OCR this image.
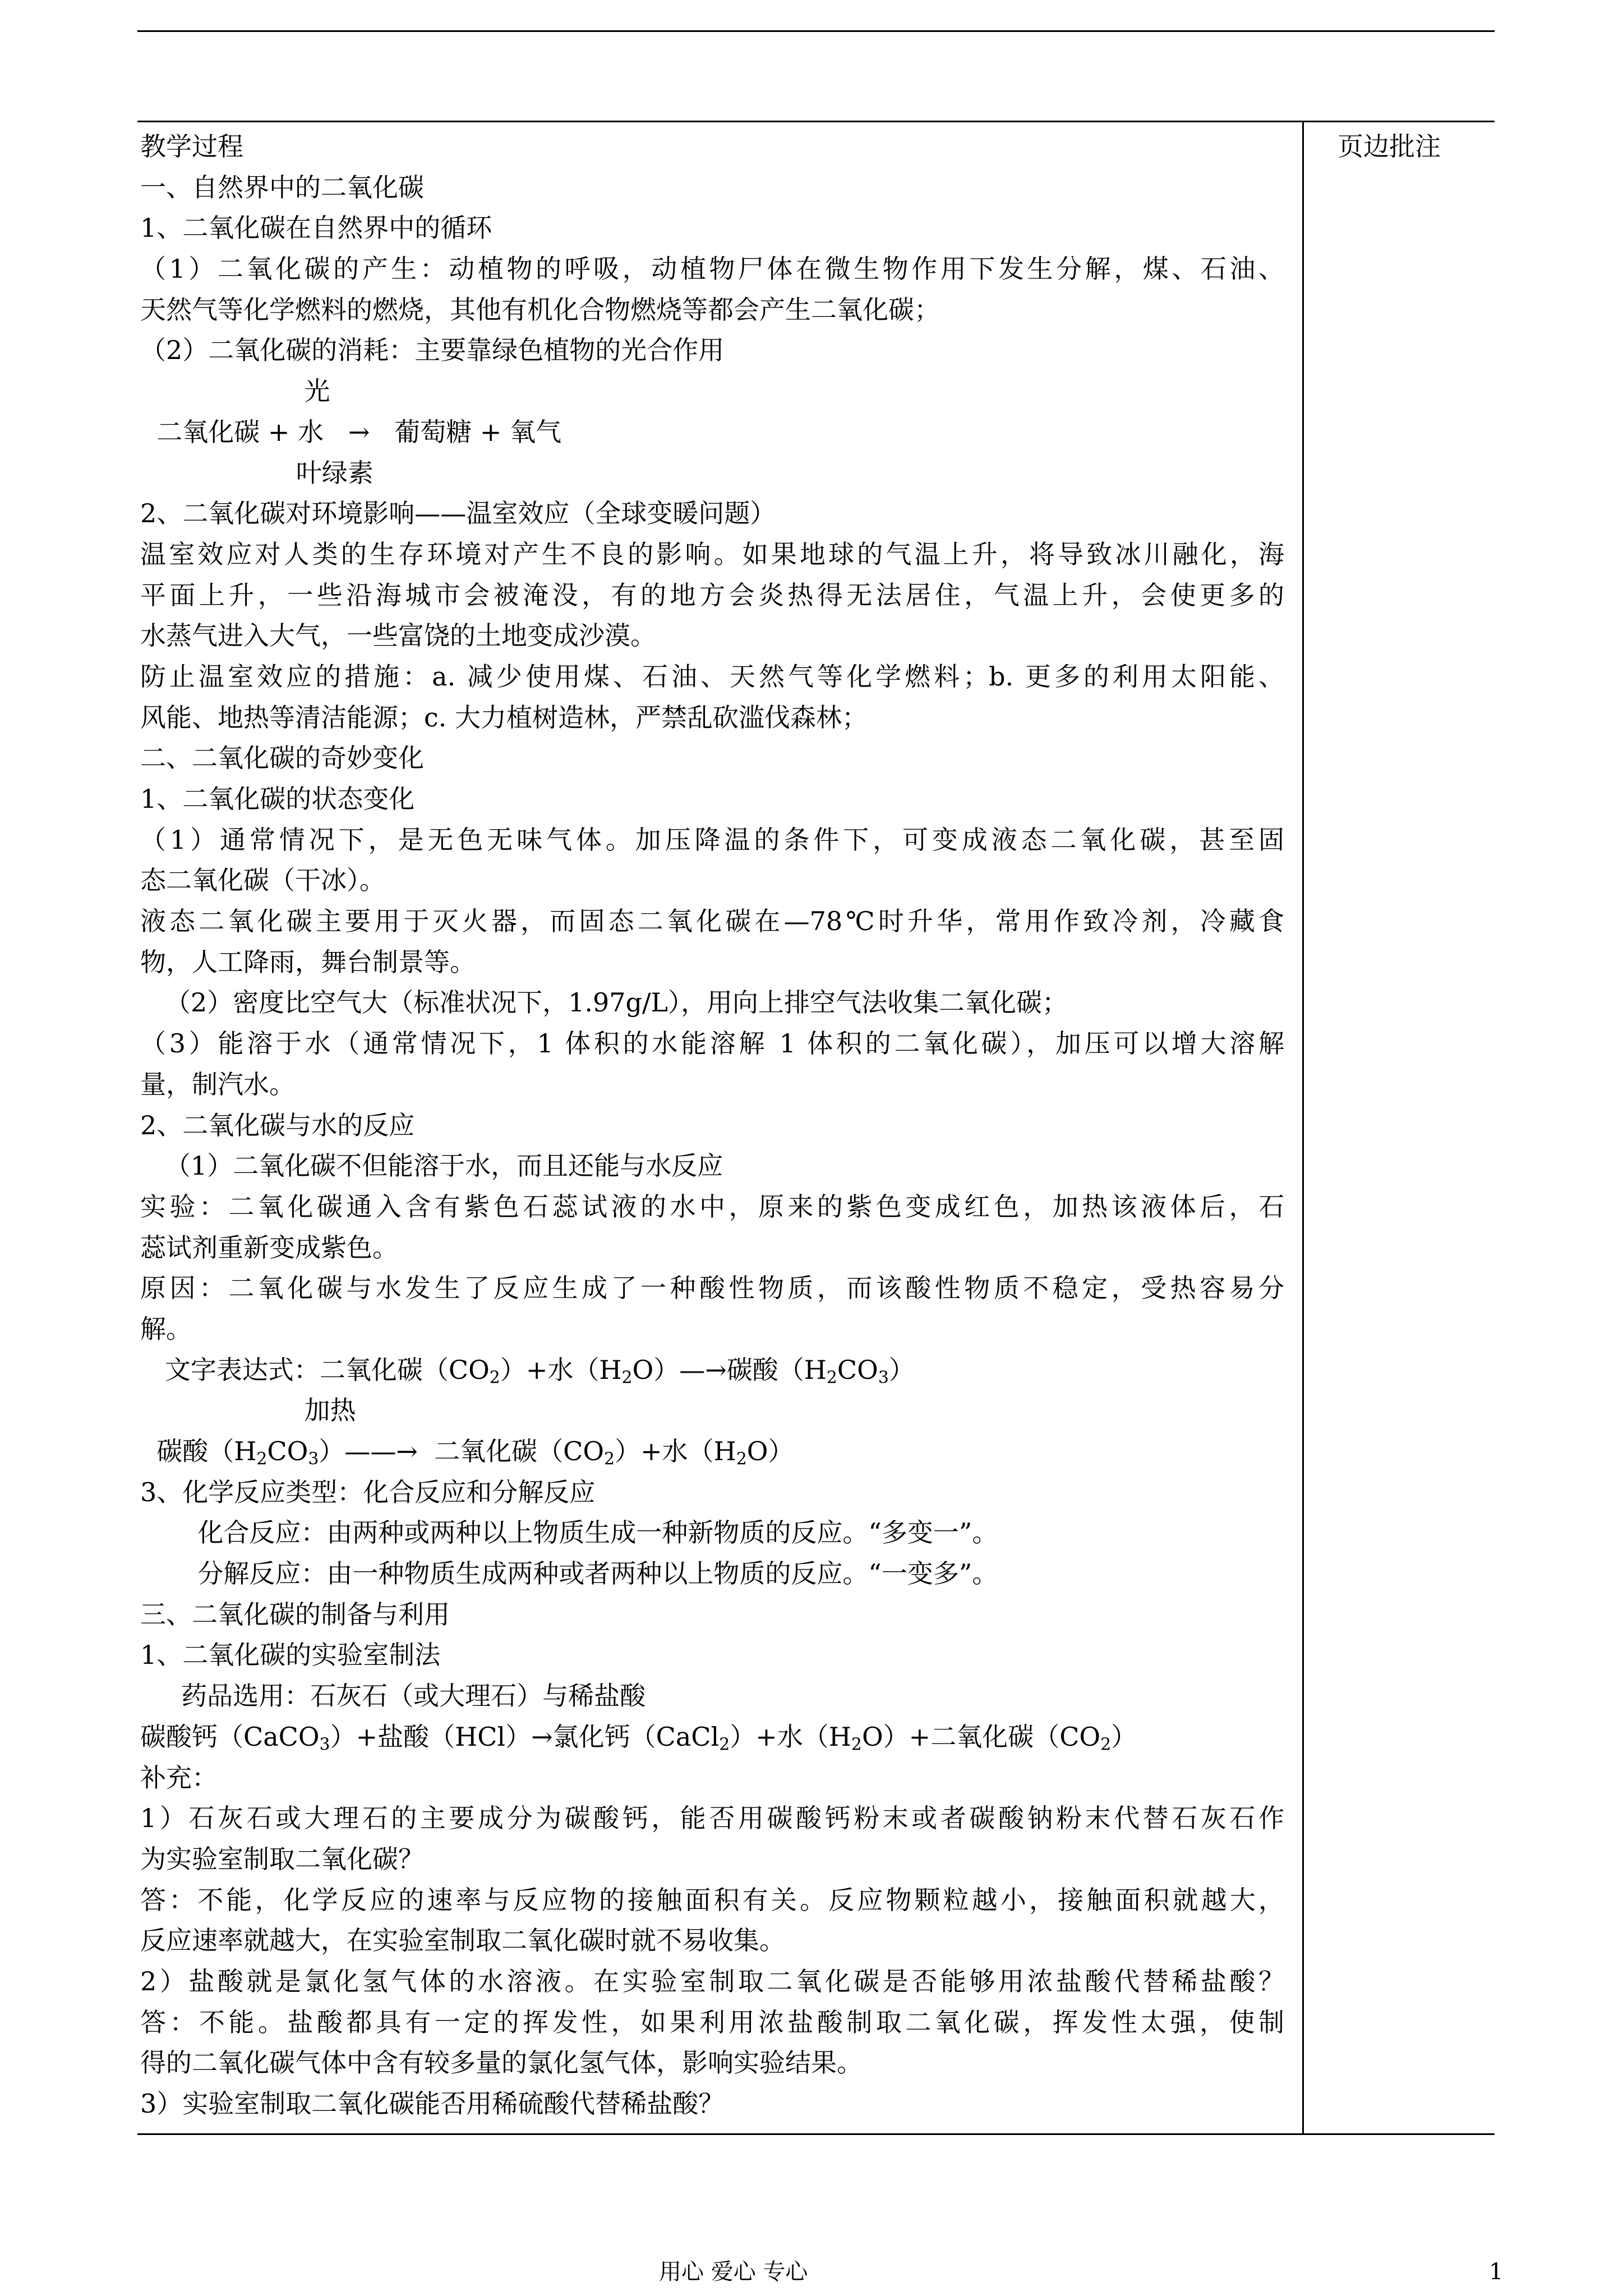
教学过程
一、自然界中的二氧化碳
1、二氧化碳在自然界中的循环
（1）二氧化碳的产生：动植物的呼吸，动植物尸体在微生物作用下发生分解，煤、石油、
天然气等化学燃料的燃烧，其他有机化合物燃烧等都会产生二氧化碳；
（2）二氧化碳的消耗：主要靠绿色植物的光合作用
光
二氧化碳 + 水   →   葡萄糖 + 氧气
叶绿素
2、二氧化碳对环境影响——温室效应（全球变暖问题）
温室效应对人类的生存环境对产生不良的影响。如果地球的气温上升，将导致冰川融化，海
平面上升，一些沿海城市会被淹没，有的地方会炎热得无法居住，气温上升，会使更多的
水蒸气进入大气，一些富饶的土地变成沙漠。
防止温室效应的措施：a. 减少使用煤、石油、天然气等化学燃料；b. 更多的利用太阳能、
风能、地热等清洁能源；c. 大力植树造林，严禁乱砍滥伐森林；
二、二氧化碳的奇妙变化
1、二氧化碳的状态变化
（1）通常情况下，是无色无味气体。加压降温的条件下，可变成液态二氧化碳，甚至固
态二氧化碳（干冰）。
液态二氧化碳主要用于灭火器，而固态二氧化碳在—78℃时升华，常用作致冷剂，冷藏食
物，人工降雨，舞台制景等。
（2）密度比空气大（标准状况下，1.97g/L），用向上排空气法收集二氧化碳；
（3）能溶于水（通常情况下，1 体积的水能溶解 1 体积的二氧化碳），加压可以增大溶解
量，制汽水。
2、二氧化碳与水的反应
（1）二氧化碳不但能溶于水，而且还能与水反应
实验：二氧化碳通入含有紫色石蕊试液的水中，原来的紫色变成红色，加热该液体后，石
蕊试剂重新变成紫色。
原因：二氧化碳与水发生了反应生成了一种酸性物质，而该酸性物质不稳定，受热容易分
解。
文字表达式：二氧化碳$(CO_2)+$水$(H_2O)—\to$碳酸$(H_2CO_3)$
加热
碳酸$(H_2CO_3)——\to$  二氧化碳$(CO_2)+$水$(H_2O)$
3、化学反应类型：化合反应和分解反应
化合反应：由两种或两种以上物质生成一种新物质的反应。“多变一”。
分解反应：由一种物质生成两种或者两种以上物质的反应。“一变多”。
三、二氧化碳的制备与利用
1、二氧化碳的实验室制法
药品选用：石灰石（或大理石）与稀盐酸
碳酸钙（CaCO$_3$）+盐酸（HCl）→氯化钙（CaCl$_2$）+水$(H_2O)+$二氧化碳$(CO_2)$
补充：
1）石灰石或大理石的主要成分为碳酸钙，能否用碳酸钙粉末或者碳酸钠粉末代替石灰石作
为实验室制取二氧化碳？
答：不能，化学反应的速率与反应物的接触面积有关。反应物颗粒越小，接触面积就越大，
反应速率就越大，在实验室制取二氧化碳时就不易收集。
2）盐酸就是氯化氢气体的水溶液。在实验室制取二氧化碳是否能够用浓盐酸代替稀盐酸？
答：不能。盐酸都具有一定的挥发性，如果利用浓盐酸制取二氧化碳，挥发性太强，使制
得的二氧化碳气体中含有较多量的氯化氢气体，影响实验结果。
3）实验室制取二氧化碳能否用稀硫酸代替稀盐酸？
页边批注
用心 爱心 专心	1
